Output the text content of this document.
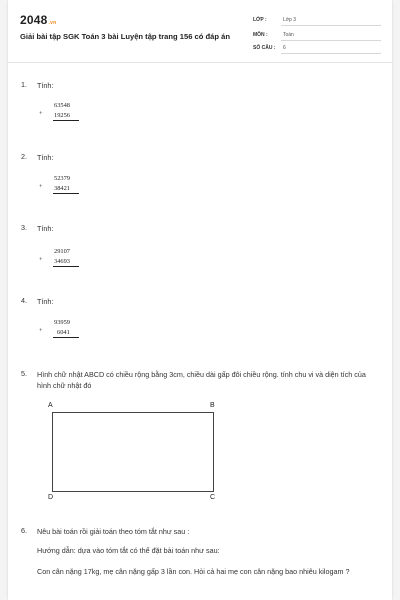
2048.vn
Giải bài tập SGK Toán 3 bài Luyện tập trang 156 có đáp án
LỚP :	Lớp 3
MÔN :	Toán
SỐ CÂU : 6
1. Tính:
+
63548
19256
2. Tính:
+
52379
38421
3. Tính:
+
29107
34693
4. Tính:
+
93959
6041
5. Hình chữ nhật ABCD có chiều rộng bằng 3cm, chiều dài gấp đôi chiều rộng. tính chu vi và diện tích của hình chữ nhật đó
A	B
D	C
6. Nêu bài toán rồi giải toán theo tóm tắt như sau :
Hướng dẫn: dựa vào tóm tắt có thể đặt bài toán như sau:
Con cân nặng 17kg, mẹ cân nặng gấp 3 lần con. Hỏi cả hai mẹ con cân nặng bao nhiêu kilogam ?
